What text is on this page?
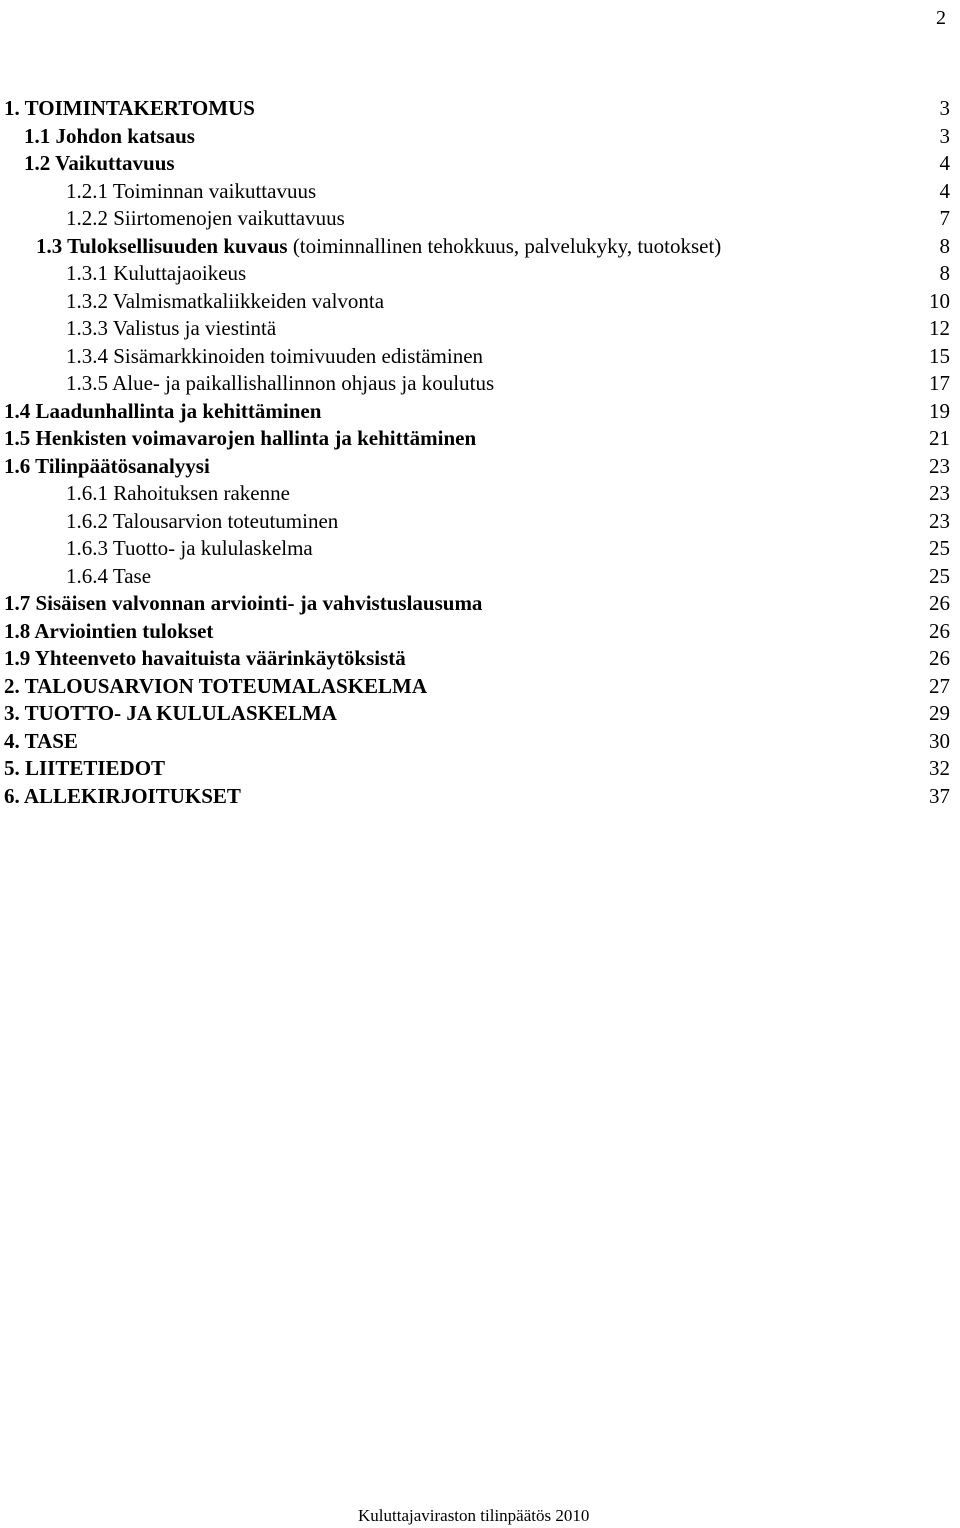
2
1. TOIMINTAKERTOMUS	3
1.1 Johdon katsaus	3
1.2 Vaikuttavuus	4
1.2.1 Toiminnan vaikuttavuus	4
1.2.2 Siirtomenojen vaikuttavuus	7
1.3 Tuloksellisuuden kuvaus (toiminnallinen tehokkuus, palvelukyky, tuotokset)	8
1.3.1 Kuluttajaoikeus	8
1.3.2 Valmismatkaliikkeiden valvonta	10
1.3.3 Valistus ja viestintä	12
1.3.4 Sisämarkkinoiden toimivuuden edistäminen	15
1.3.5 Alue- ja paikallishallinnon ohjaus ja koulutus	17
1.4 Laadunhallinta ja kehittäminen	19
1.5 Henkisten voimavarojen hallinta ja kehittäminen	21
1.6 Tilinpäätösanalyysi	23
1.6.1 Rahoituksen rakenne	23
1.6.2 Talousarvion toteutuminen	23
1.6.3 Tuotto- ja kululaskelma	25
1.6.4 Tase	25
1.7 Sisäisen valvonnan arviointi- ja vahvistuslausuma	26
1.8 Arviointien tulokset	26
1.9 Yhteenveto havaituista väärinkäytöksistä	26
2. TALOUSARVION TOTEUMALASKELMA	27
3. TUOTTO- JA KULULASKELMA	29
4. TASE	30
5. LIITETIEDOT	32
6. ALLEKIRJOITUKSET	37
Kuluttajaviraston tilinpäätös 2010
